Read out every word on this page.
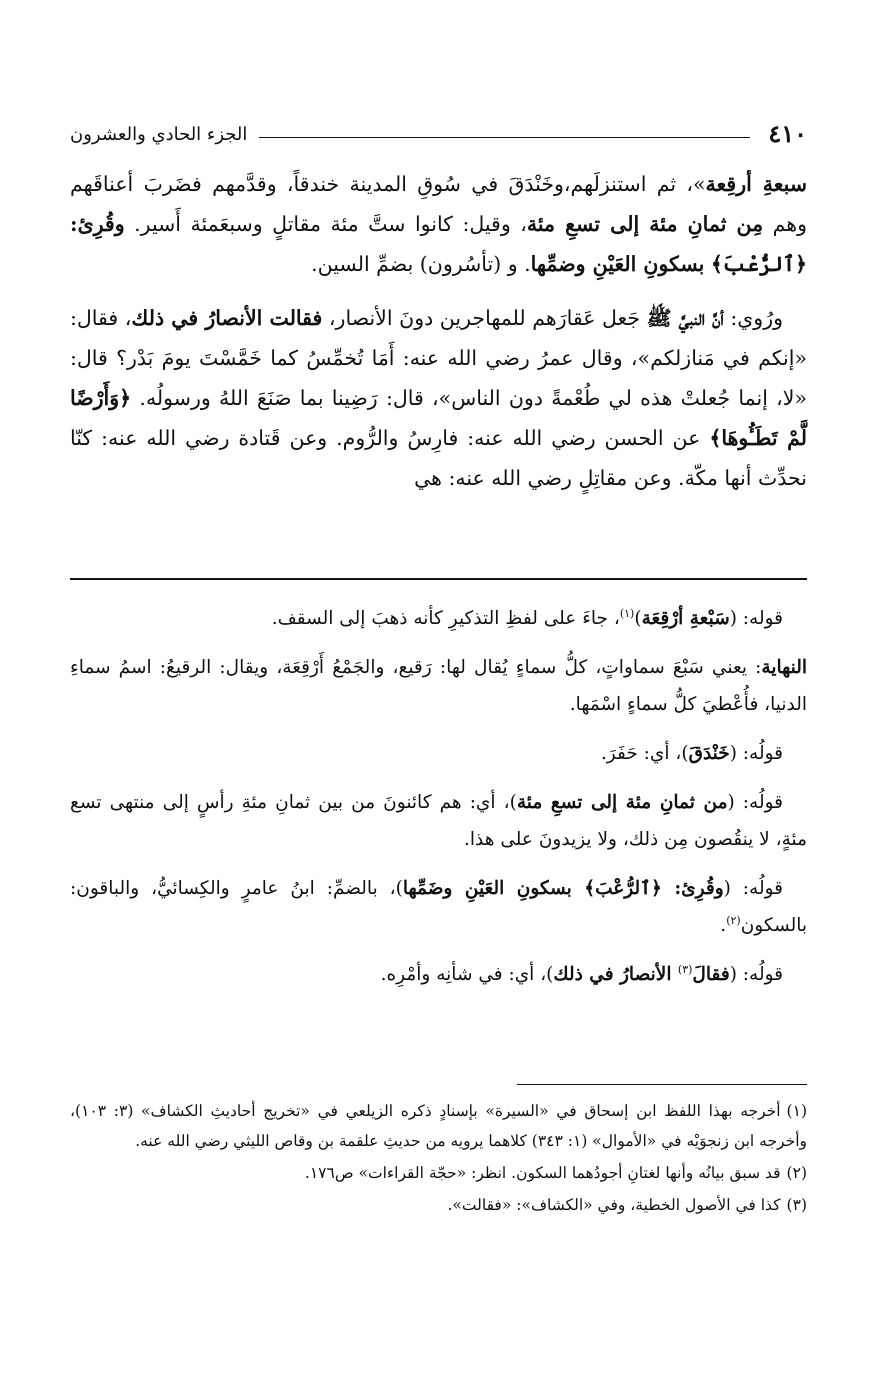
٤١٠
الجزء الحادي والعشرون

سبعةِ أرقِعة»، ثم استنزلَهم،وخَنْدَقَ في سُوقِ المدينة خندقاً، وقدَّمهم فضَربَ أعناقَهم وهم مِن ثمانِ مئة إلى تسعِ مئة، وقيل: كانوا ستَّ مئة مقاتلٍ وسبعَمئة أَسير. وقُرِئ: ﴿ٱلرُّعْبَ﴾ بسكونِ العَيْنِ وضمِّها. و (تأسُرون) بضمِّ السين.

ورُوي: أنَّ النبيَّ ﷺ جَعل عَقارَهم للمهاجرين دونَ الأنصار، فقالت الأنصارُ في ذلك، فقال: «إنكم في مَنازلكم»، وقال عمرُ رضي الله عنه: أَمَا تُخمِّسُ كما خَمَّسْتَ يومَ بَدْر؟ قال: «لا، إنما جُعلتْ هذه لي طُعْمةً دون الناس»، قال: رَضِينا بما صَنَعَ اللهُ ورسولُه. ﴿وَأَرْضًا لَّمْ تَطَـُٔوهَا﴾ عن الحسن رضي الله عنه: فارِسُ والرُّوم. وعن قَتادة رضي الله عنه: كنّا نحدِّث أنها مكّة. وعن مقاتِلٍ رضي الله عنه: هي

قوله: (سَبْعةِ أرْقِعَة)$^{(١)}$، جاءَ على لفظِ التذكيرِ كأنه ذهبَ إلى السقف.

النهاية: يعني سَبْعَ سماواتٍ، كلُّ سماءٍ يُقال لها: رَقيع، والجَمْعُ أَرْقِعَة، ويقال: الرقيعُ: اسمُ سماءِ الدنيا، فأُعْطيَ كلُّ سماءٍ اسْمَها.

قولُه: (خَنْدَقَ)، أي: حَفَرَ.

قولُه: (من ثمانِ مئة إلى تسعِ مئة)، أي: هم كائنونَ من بين ثمانِ مئةِ رأسٍ إلى منتهى تسع مئةٍ، لا ينقُصون مِن ذلك، ولا يزيدونَ على هذا.

قولُه: (وقُرِئ: ﴿ٱلرُّعْبَ﴾ بسكونِ العَيْنِ وضَمِّها)، بالضمِّ: ابنُ عامرٍ والكِسائيُّ، والباقون: بالسكون$^{(٢)}$.

قولُه: (فقالَ$^{(٣)}$ الأنصارُ في ذلك)، أي: في شأنِه وأمْرِه.

(١)أخرجه بهذا اللفظ ابن إسحاق في «السيرة» بإسنادٍ ذكره الزيلعي في «تخريج أحاديثِ الكشاف» (٣: ١٠٣)، وأخرجه ابن زنجوَيْه في «الأموال» (١: ٣٤٣) كلاهما يرويه من حديثِ علقمة بن وقاص الليثي رضي الله عنه.
(٢)قد سبق بيانُه وأنها لغتانِ أجودُهما السكون. انظر: «حجّة القراءات» ص١٧٦.
(٣)كذا في الأصول الخطية، وفي «الكشاف»: «فقالت».
